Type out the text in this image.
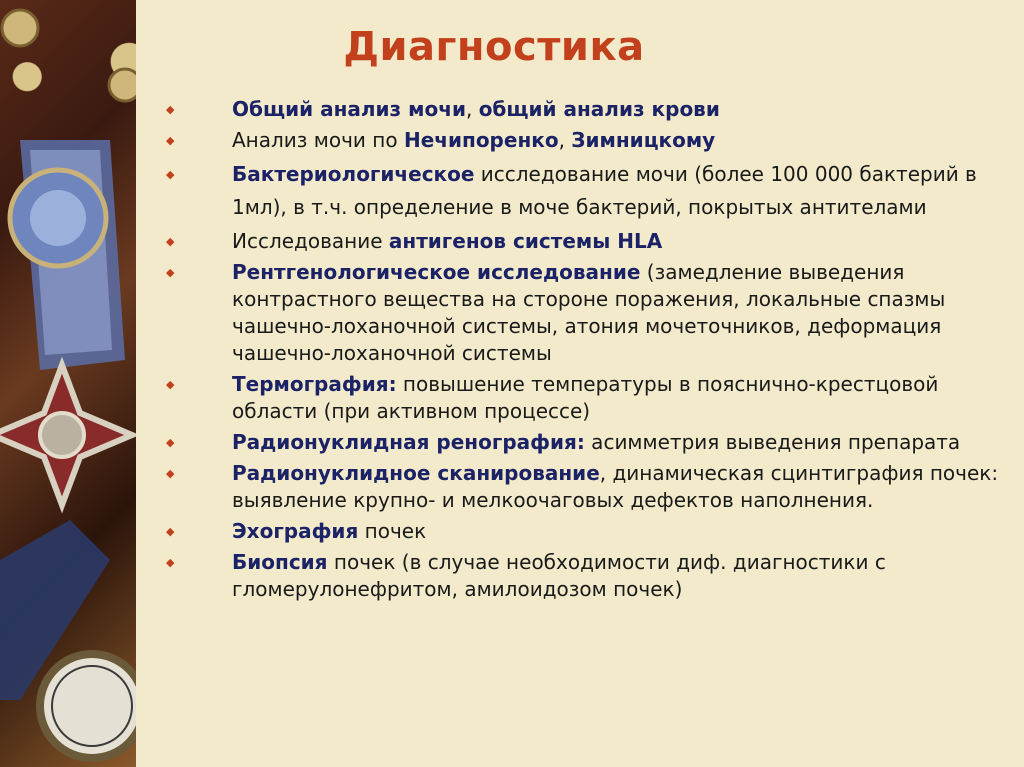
Диагностика
◆	Общий анализ мочи, общий анализ крови
◆	Анализ мочи по Нечипоренко, Зимницкому
◆	Бактериологическое исследование мочи (более 100 000 бактерий в 1мл), в т.ч. определение в моче бактерий, покрытых антителами
◆	Исследование антигенов системы HLA
◆	Рентгенологическое исследование (замедление выведения контрастного вещества на стороне поражения, локальные спазмы чашечно-лоханочной системы, атония мочеточников, деформация чашечно-лоханочной системы
◆	Термография: повышение температуры в пояснично-крестцовой области (при активном процессе)
◆	Радионуклидная ренография: асимметрия выведения препарата
◆	Радионуклидное сканирование, динамическая сцинтиграфия почек: выявление крупно- и мелкоочаговых дефектов наполнения.
◆	Эхография почек
◆	Биопсия почек (в случае необходимости диф. диагностики с гломерулонефритом, амилоидозом почек)
